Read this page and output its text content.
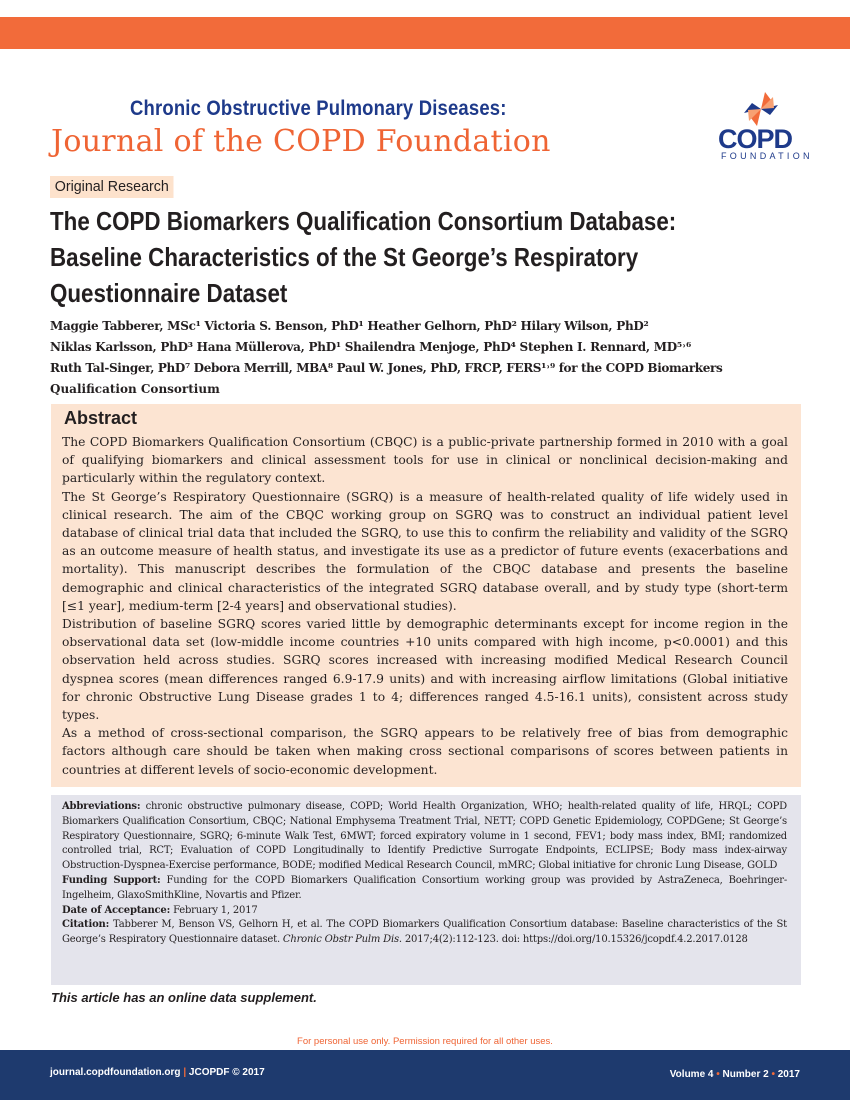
112
Chronic Obstructive Pulmonary Diseases:
Journal of the COPD Foundation	COPD
FOUNDATION
Original Research
The COPD Biomarkers Qualification Consortium Database:
Baseline Characteristics of the St George’s Respiratory
Questionnaire Dataset
Maggie Tabberer, MSc¹ Victoria S. Benson, PhD¹ Heather Gelhorn, PhD² Hilary Wilson, PhD²
Niklas Karlsson, PhD³ Hana Müllerova, PhD¹ Shailendra Menjoge, PhD⁴ Stephen I. Rennard, MD⁵˒⁶
Ruth Tal-Singer, PhD⁷ Debora Merrill, MBA⁸ Paul W. Jones, PhD, FRCP, FERS¹˒⁹ for the COPD Biomarkers
Qualification Consortium
Abstract

The COPD Biomarkers Qualification Consortium (CBQC) is a public-private partnership formed in 2010 with a goal of qualifying biomarkers and clinical assessment tools for use in clinical or nonclinical decision-making and particularly within the regulatory context.

The St George’s Respiratory Questionnaire (SGRQ) is a measure of health-related quality of life widely used in clinical research. The aim of the CBQC working group on SGRQ was to construct an individual patient level database of clinical trial data that included the SGRQ, to use this to confirm the reliability and validity of the SGRQ as an outcome measure of health status, and investigate its use as a predictor of future events (exacerbations and mortality). This manuscript describes the formulation of the CBQC database and presents the baseline demographic and clinical characteristics of the integrated SGRQ database overall, and by study type (short-term [≤1 year], medium-term [2-4 years] and observational studies).

Distribution of baseline SGRQ scores varied little by demographic determinants except for income region in the observational data set (low-middle income countries +10 units compared with high income, p<0.0001) and this observation held across studies. SGRQ scores increased with increasing modified Medical Research Council dyspnea scores (mean differences ranged 6.9-17.9 units) and with increasing airflow limitations (Global initiative for chronic Obstructive Lung Disease grades 1 to 4; differences ranged 4.5-16.1 units), consistent across study types.

As a method of cross-sectional comparison, the SGRQ appears to be relatively free of bias from demographic factors although care should be taken when making cross sectional comparisons of scores between patients in countries at different levels of socio-economic development.

Abbreviations: chronic obstructive pulmonary disease, COPD; World Health Organization, WHO; health-related quality of life, HRQL; COPD Biomarkers Qualification Consortium, CBQC; National Emphysema Treatment Trial, NETT; COPD Genetic Epidemiology, COPDGene; St George’s Respiratory Questionnaire, SGRQ; 6-minute Walk Test, 6MWT; forced expiratory volume in 1 second, FEV1; body mass index, BMI; randomized controlled trial, RCT; Evaluation of COPD Longitudinally to Identify Predictive Surrogate Endpoints, ECLIPSE; Body mass index-airway Obstruction-Dyspnea-Exercise performance, BODE; modified Medical Research Council, mMRC; Global initiative for chronic Lung Disease, GOLD

Funding Support: Funding for the COPD Biomarkers Qualification Consortium working group was provided by AstraZeneca, Boehringer-Ingelheim, GlaxoSmithKline, Novartis and Pfizer.

Date of Acceptance: February 1, 2017

Citation: Tabberer M, Benson VS, Gelhorn H, et al. The COPD Biomarkers Qualification Consortium database: Baseline characteristics of the St George’s Respiratory Questionnaire dataset. Chronic Obstr Pulm Dis. 2017;4(2):112-123. doi: https://doi.org/10.15326/jcopdf.4.2.2017.0128

This article has an online data supplement.
For personal use only. Permission required for all other uses.
journal.copdfoundation.org | JCOPDF © 2017	Volume 4 • Number 2 • 2017
